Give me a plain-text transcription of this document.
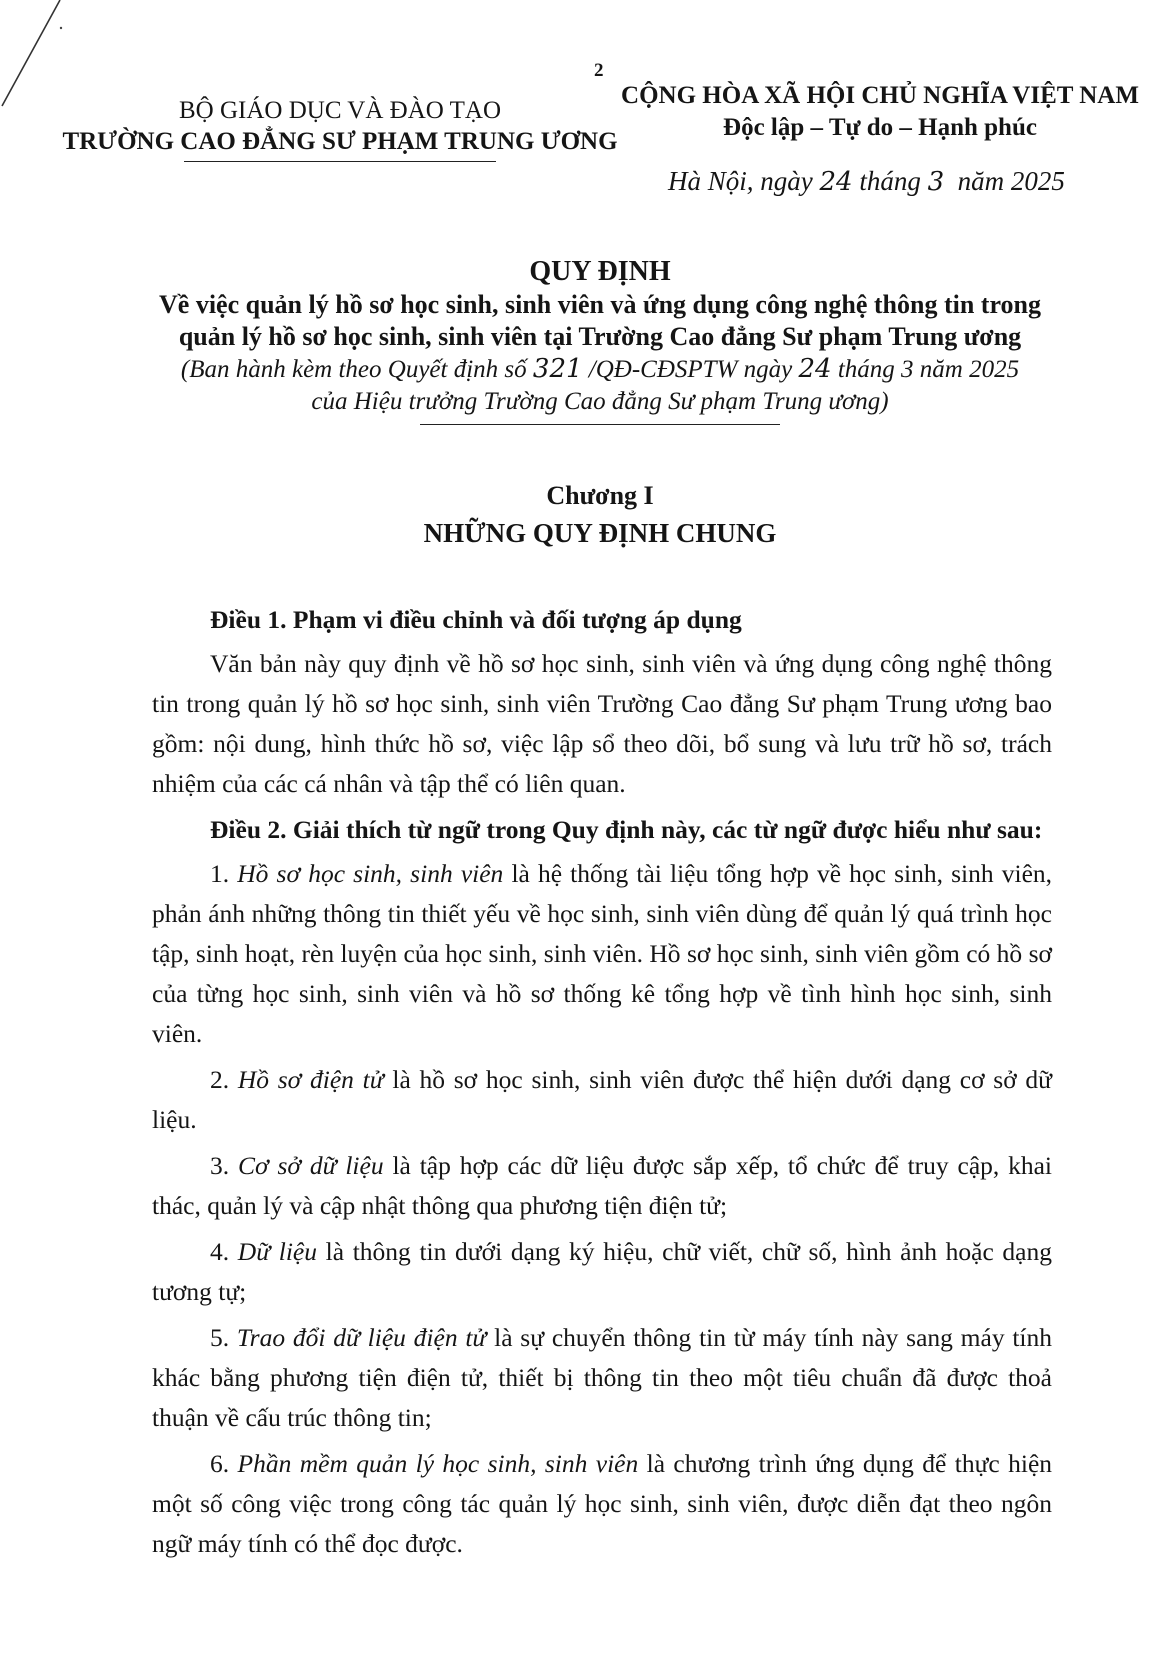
2
BỘ GIÁO DỤC VÀ ĐÀO TẠO
TRƯỜNG CAO ĐẲNG SƯ PHẠM TRUNG ƯƠNG
CỘNG HÒA XÃ HỘI CHỦ NGHĨA VIỆT NAM
Độc lập – Tự do – Hạnh phúc
Hà Nội, ngày 24 tháng 3 năm 2025
QUY ĐỊNH
Về việc quản lý hồ sơ học sinh, sinh viên và ứng dụng công nghệ thông tin trong
quản lý hồ sơ học sinh, sinh viên tại Trường Cao đẳng Sư phạm Trung ương
(Ban hành kèm theo Quyết định số 321 /QĐ-CĐSPTW ngày 24 tháng 3 năm 2025
của Hiệu trưởng Trường Cao đẳng Sư phạm Trung ương)
Chương I
NHỮNG QUY ĐỊNH CHUNG

Điều 1. Phạm vi điều chỉnh và đối tượng áp dụng

Văn bản này quy định về hồ sơ học sinh, sinh viên và ứng dụng công nghệ thông tin trong quản lý hồ sơ học sinh, sinh viên Trường Cao đẳng Sư phạm Trung ương bao gồm: nội dung, hình thức hồ sơ, việc lập sổ theo dõi, bổ sung và lưu trữ hồ sơ, trách nhiệm của các cá nhân và tập thể có liên quan.

Điều 2. Giải thích từ ngữ trong Quy định này, các từ ngữ được hiểu như sau:

1. Hồ sơ học sinh, sinh viên là hệ thống tài liệu tổng hợp về học sinh, sinh viên, phản ánh những thông tin thiết yếu về học sinh, sinh viên dùng để quản lý quá trình học tập, sinh hoạt, rèn luyện của học sinh, sinh viên. Hồ sơ học sinh, sinh viên gồm có hồ sơ của từng học sinh, sinh viên và hồ sơ thống kê tổng hợp về tình hình học sinh, sinh viên.

2. Hồ sơ điện tử là hồ sơ học sinh, sinh viên được thể hiện dưới dạng cơ sở dữ liệu.

3. Cơ sở dữ liệu là tập hợp các dữ liệu được sắp xếp, tổ chức để truy cập, khai thác, quản lý và cập nhật thông qua phương tiện điện tử;

4. Dữ liệu là thông tin dưới dạng ký hiệu, chữ viết, chữ số, hình ảnh hoặc dạng tương tự;

5. Trao đổi dữ liệu điện tử là sự chuyển thông tin từ máy tính này sang máy tính khác bằng phương tiện điện tử, thiết bị thông tin theo một tiêu chuẩn đã được thoả thuận về cấu trúc thông tin;

6. Phần mềm quản lý học sinh, sinh viên là chương trình ứng dụng để thực hiện một số công việc trong công tác quản lý học sinh, sinh viên, được diễn đạt theo ngôn ngữ máy tính có thể đọc được.
